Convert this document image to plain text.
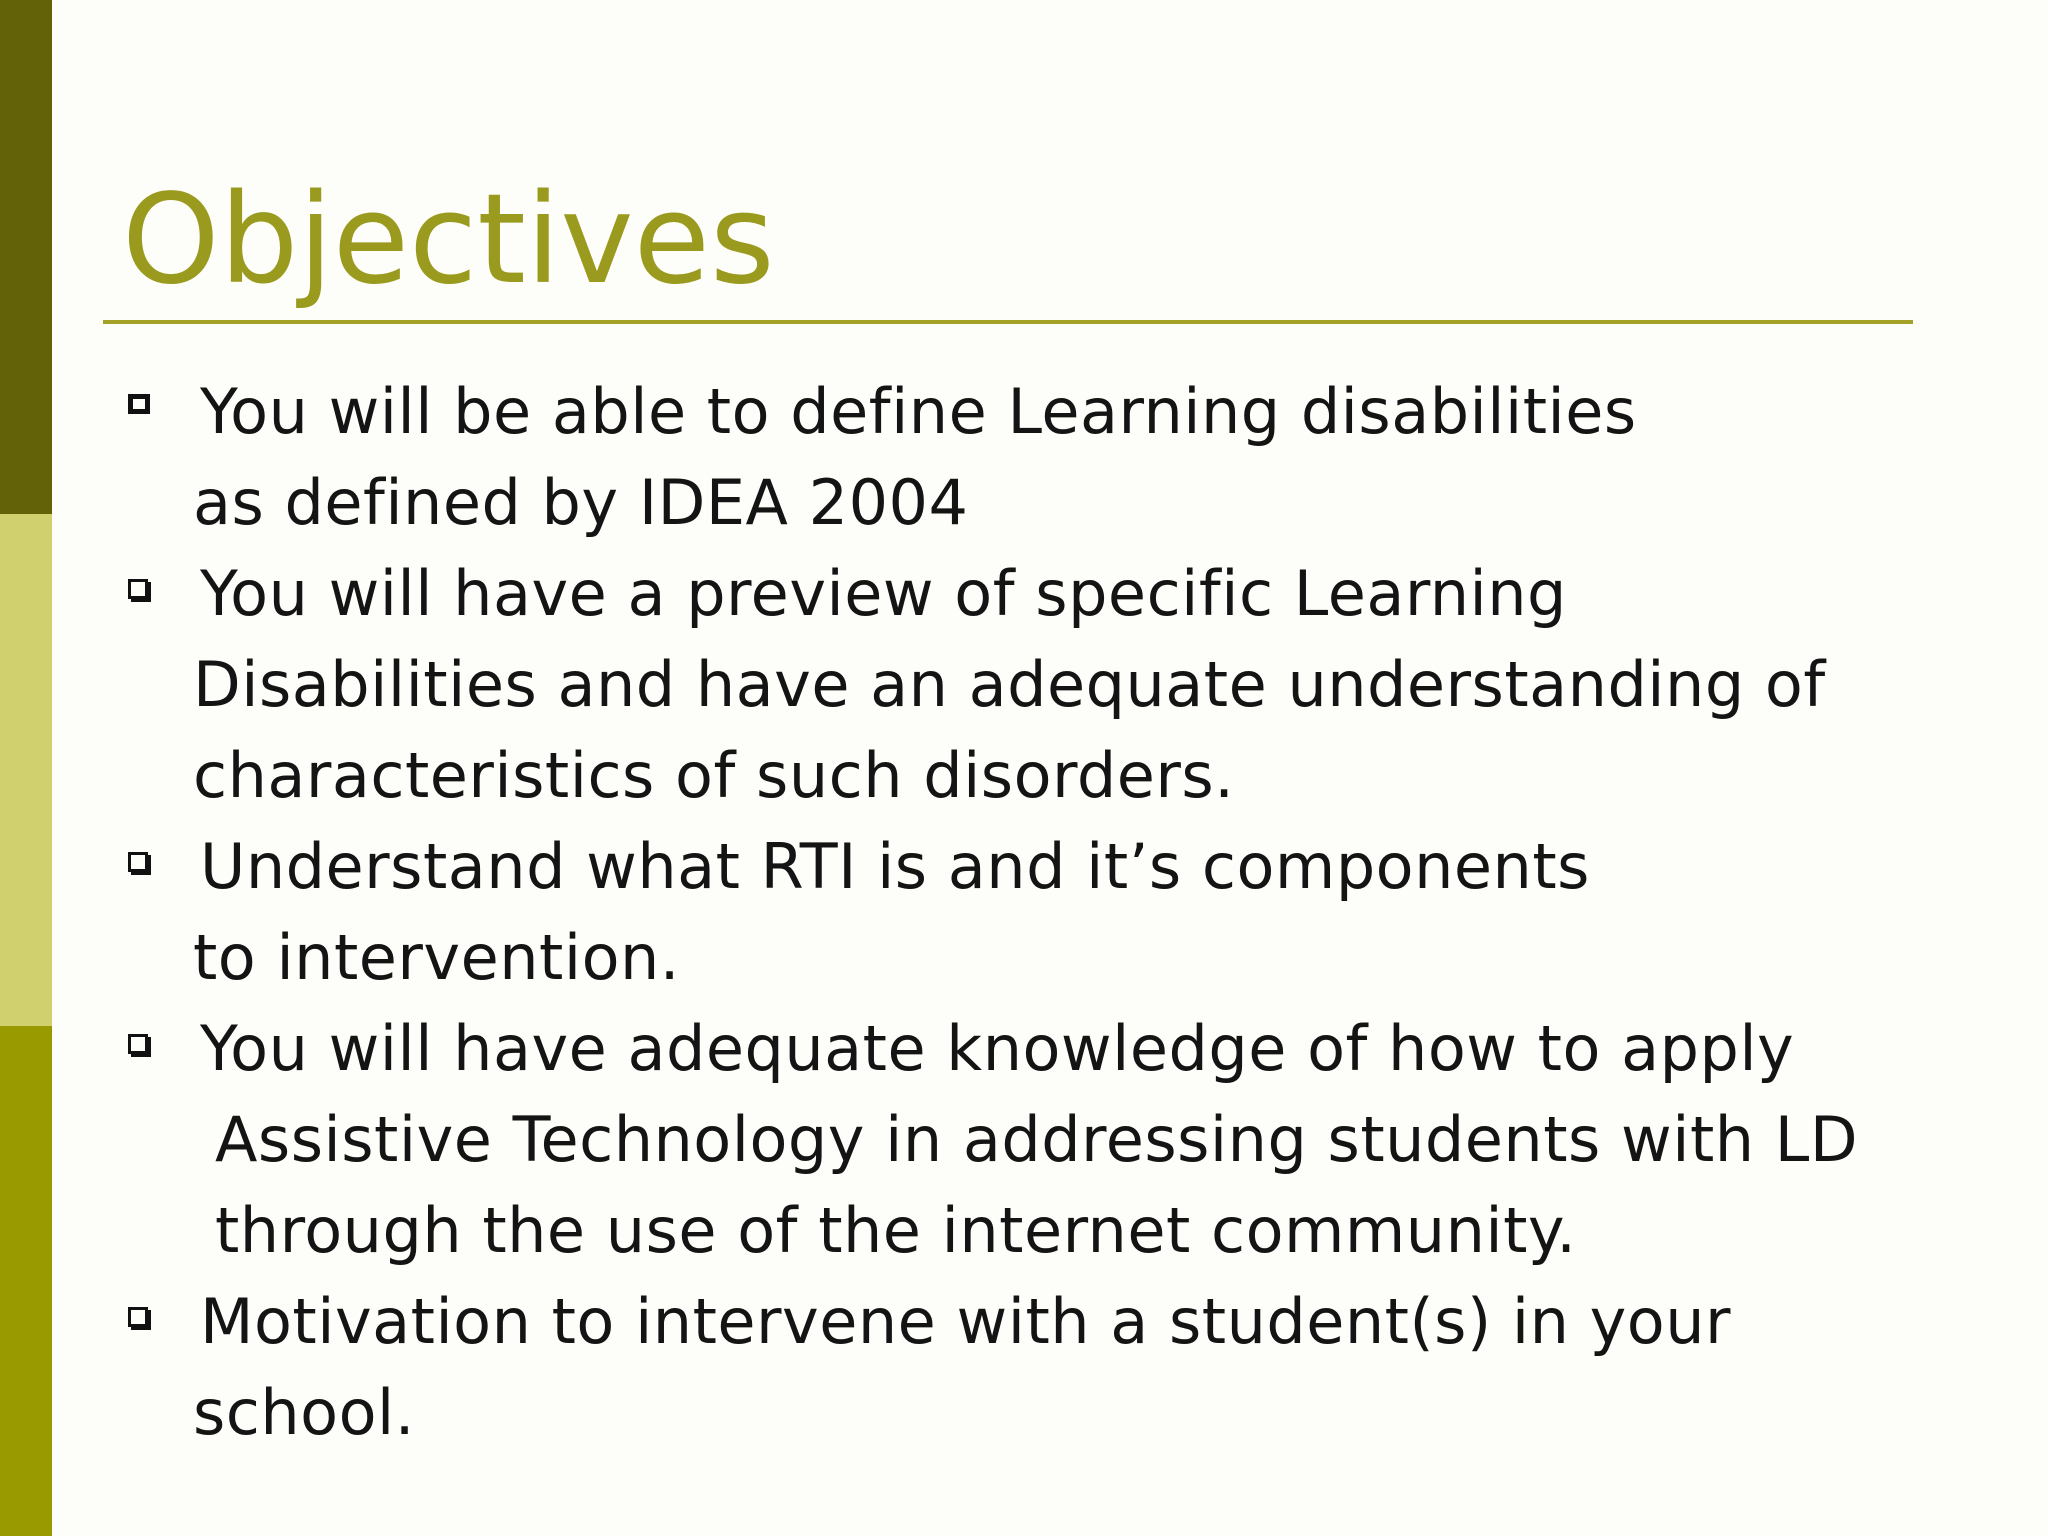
Objectives
You will be able to define Learning disabilities
as defined by IDEA 2004
You will have a preview of specific Learning
Disabilities and have an adequate understanding of
characteristics of such disorders.
Understand what RTI is and it’s components
to intervention.
You will have adequate knowledge of how to apply
Assistive Technology in addressing students with LD
through the use of the internet community.
Motivation to intervene with a student(s) in your
school.
